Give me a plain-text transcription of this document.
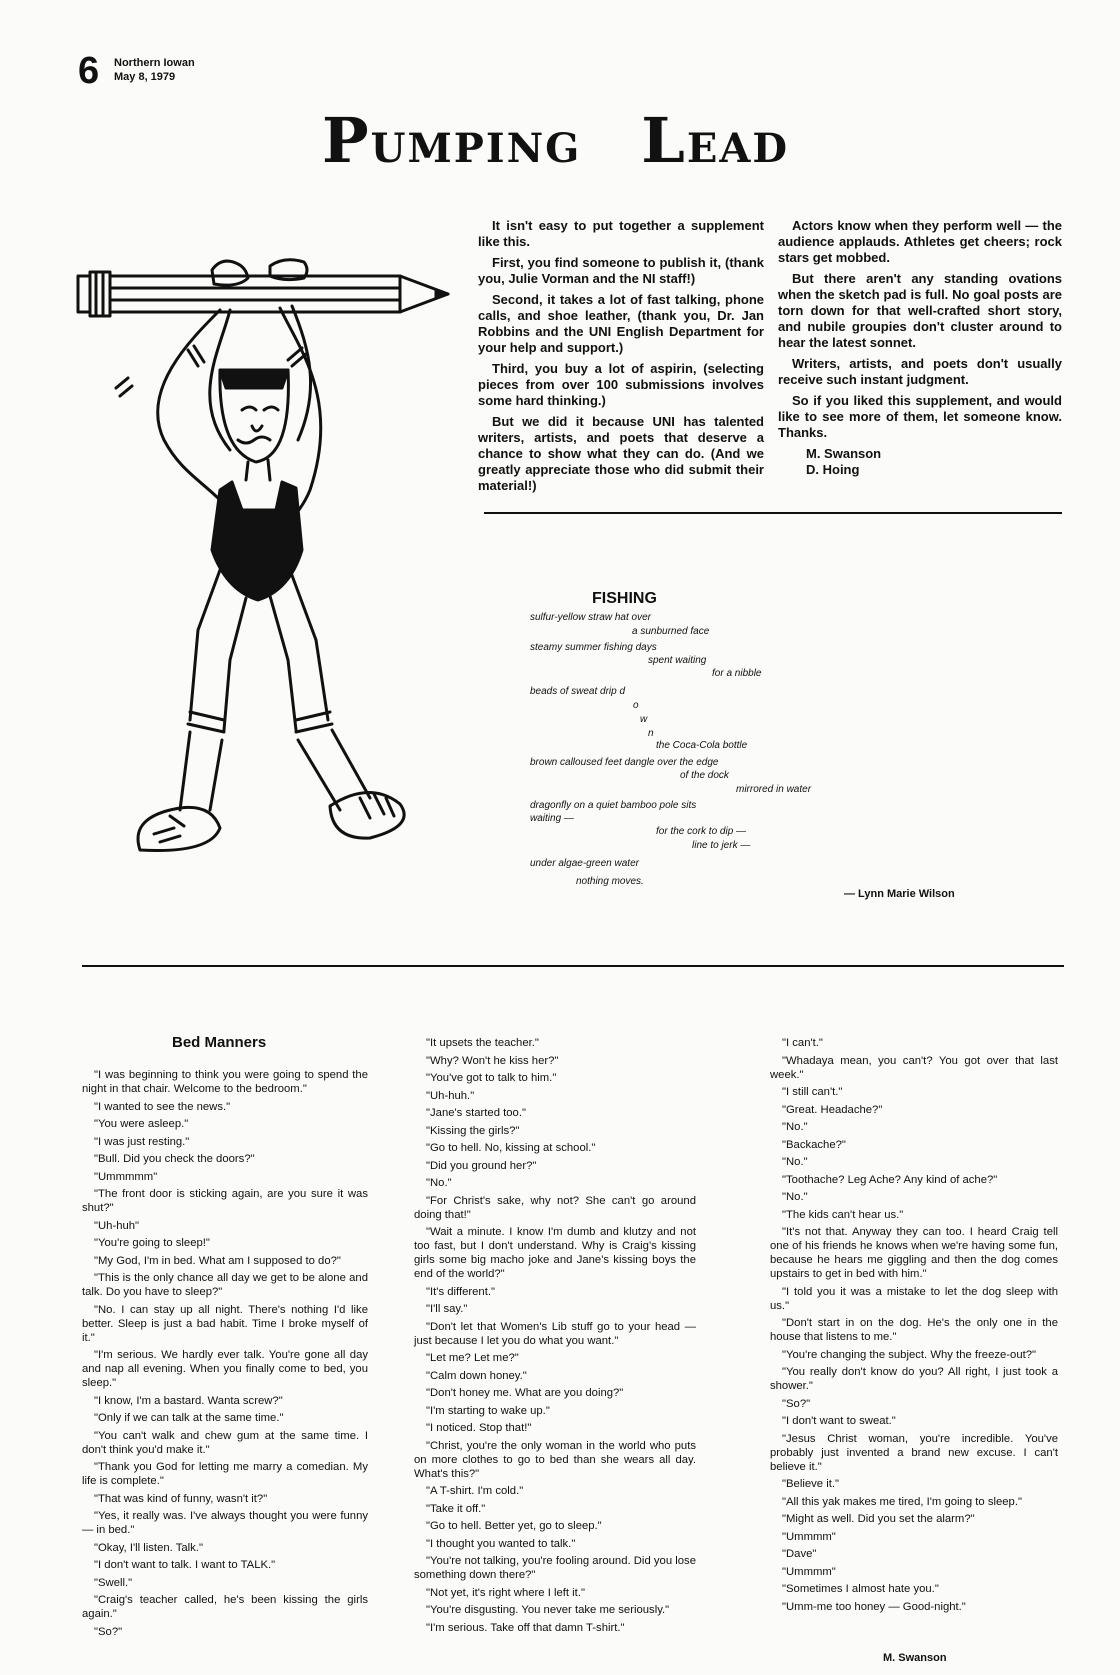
6 Northern Iowan
May 8, 1979
PUMPING LEAD

It isn't easy to put together a supplement like this.

First, you find someone to publish it, (thank you, Julie Vorman and the NI staff!)

Second, it takes a lot of fast talking, phone calls, and shoe leather, (thank you, Dr. Jan Robbins and the UNI English Department for your help and support.)

Third, you buy a lot of aspirin, (selecting pieces from over 100 submissions involves some hard thinking.)

But we did it because UNI has talented writers, artists, and poets that deserve a chance to show what they can do. (And we greatly appreciate those who did submit their material!)

Actors know when they perform well — the audience applauds. Athletes get cheers; rock stars get mobbed.

But there aren't any standing ovations when the sketch pad is full. No goal posts are torn down for that well-crafted short story, and nubile groupies don't cluster around to hear the latest sonnet.

Writers, artists, and poets don't usually receive such instant judgment.

So if you liked this supplement, and would like to see more of them, let someone know. Thanks.

M. Swanson

D. Hoing

FISHING
sulfur-yellow straw hat over
a sunburned face
steamy summer fishing days
spent waiting
for a nibble
beads of sweat drip d
o
w
n
the Coca-Cola bottle
brown calloused feet dangle over the edge
of the dock
mirrored in water
dragonfly on a quiet bamboo pole sits
waiting —
for the cork to dip —
line to jerk —
under algae-green water
nothing moves.
— Lynn Marie Wilson
Bed Manners

"I was beginning to think you were going to spend the night in that chair. Welcome to the bedroom."

"I wanted to see the news."

"You were asleep."

"I was just resting."

"Bull. Did you check the doors?"

"Ummmmm"

"The front door is sticking again, are you sure it was shut?"

"Uh-huh"

"You're going to sleep!"

"My God, I'm in bed. What am I supposed to do?"

"This is the only chance all day we get to be alone and talk. Do you have to sleep?"

"No. I can stay up all night. There's nothing I'd like better. Sleep is just a bad habit. Time I broke myself of it."

"I'm serious. We hardly ever talk. You're gone all day and nap all evening. When you finally come to bed, you sleep."

"I know, I'm a bastard. Wanta screw?"

"Only if we can talk at the same time."

"You can't walk and chew gum at the same time. I don't think you'd make it."

"Thank you God for letting me marry a comedian. My life is complete."

"That was kind of funny, wasn't it?"

"Yes, it really was. I've always thought you were funny — in bed."

"Okay, I'll listen. Talk."

"I don't want to talk. I want to TALK."

"Swell."

"Craig's teacher called, he's been kissing the girls again."

"So?"

"It upsets the teacher."

"Why? Won't he kiss her?"

"You've got to talk to him."

"Uh-huh."

"Jane's started too."

"Kissing the girls?"

"Go to hell. No, kissing at school."

"Did you ground her?"

"No."

"For Christ's sake, why not? She can't go around doing that!"

"Wait a minute. I know I'm dumb and klutzy and not too fast, but I don't understand. Why is Craig's kissing girls some big macho joke and Jane's kissing boys the end of the world?"

"It's different."

"I'll say."

"Don't let that Women's Lib stuff go to your head — just because I let you do what you want."

"Let me? Let me?"

"Calm down honey."

"Don't honey me. What are you doing?"

"I'm starting to wake up."

"I noticed. Stop that!"

"Christ, you're the only woman in the world who puts on more clothes to go to bed than she wears all day. What's this?"

"A T-shirt. I'm cold."

"Take it off."

"Go to hell. Better yet, go to sleep."

"I thought you wanted to talk."

"You're not talking, you're fooling around. Did you lose something down there?"

"Not yet, it's right where I left it."

"You're disgusting. You never take me seriously."

"I'm serious. Take off that damn T-shirt."

"I can't."

"Whadaya mean, you can't? You got over that last week."

"I still can't."

"Great. Headache?"

"No."

"Backache?"

"No."

"Toothache? Leg Ache? Any kind of ache?"

"No."

"The kids can't hear us."

"It's not that. Anyway they can too. I heard Craig tell one of his friends he knows when we're having some fun, because he hears me giggling and then the dog comes upstairs to get in bed with him."

"I told you it was a mistake to let the dog sleep with us."

"Don't start in on the dog. He's the only one in the house that listens to me."

"You're changing the subject. Why the freeze-out?"

"You really don't know do you? All right, I just took a shower."

"So?"

"I don't want to sweat."

"Jesus Christ woman, you're incredible. You've probably just invented a brand new excuse. I can't believe it."

"Believe it."

"All this yak makes me tired, I'm going to sleep."

"Might as well. Did you set the alarm?"

"Ummmm"

"Dave"

"Ummmm"

"Sometimes I almost hate you."

"Umm-me too honey — Good-night."

M. Swanson
